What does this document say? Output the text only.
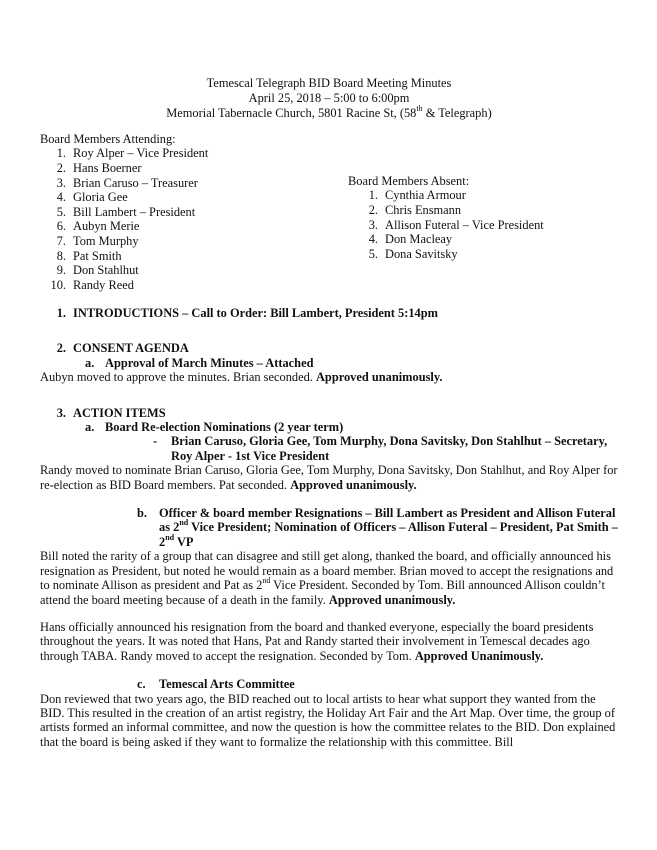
Temescal Telegraph BID Board Meeting Minutes
April 25, 2018 – 5:00 to 6:00pm
Memorial Tabernacle Church, 5801 Racine St, (58th & Telegraph)
Board Members Attending:
1. Roy Alper – Vice President
2. Hans Boerner
3. Brian Caruso – Treasurer
4. Gloria Gee
5. Bill Lambert – President
6. Aubyn Merie
7. Tom Murphy
8. Pat Smith
9. Don Stahlhut
10. Randy Reed
Board Members Absent:
1. Cynthia Armour
2. Chris Ensmann
3. Allison Futeral – Vice President
4. Don Macleay
5. Dona Savitsky
1. INTRODUCTIONS – Call to Order: Bill Lambert, President 5:14pm
2. CONSENT AGENDA
a. Approval of March Minutes – Attached

Aubyn moved to approve the minutes. Brian seconded. Approved unanimously.

3. ACTION ITEMS
a. Board Re-election Nominations (2 year term)
-	Brian Caruso, Gloria Gee, Tom Murphy, Dona Savitsky, Don Stahlhut – Secretary, Roy Alper - 1st Vice President

Randy moved to nominate Brian Caruso, Gloria Gee, Tom Murphy, Dona Savitsky, Don Stahlhut, and Roy Alper for re-election as BID Board members. Pat seconded. Approved unanimously.

b. Officer & board member Resignations – Bill Lambert as President and Allison Futeral as 2nd Vice President; Nomination of Officers – Allison Futeral – President, Pat Smith – 2nd VP

Bill noted the rarity of a group that can disagree and still get along, thanked the board, and officially announced his resignation as President, but noted he would remain as a board member. Brian moved to accept the resignations and to nominate Allison as president and Pat as 2nd Vice President. Seconded by Tom. Bill announced Allison couldn’t attend the board meeting because of a death in the family. Approved unanimously.

Hans officially announced his resignation from the board and thanked everyone, especially the board presidents throughout the years. It was noted that Hans, Pat and Randy started their involvement in Temescal decades ago through TABA. Randy moved to accept the resignation. Seconded by Tom. Approved Unanimously.

c.	Temescal Arts Committee

Don reviewed that two years ago, the BID reached out to local artists to hear what support they wanted from the BID. This resulted in the creation of an artist registry, the Holiday Art Fair and the Art Map. Over time, the group of artists formed an informal committee, and now the question is how the committee relates to the BID. Don explained that the board is being asked if they want to formalize the relationship with this committee. Bill
